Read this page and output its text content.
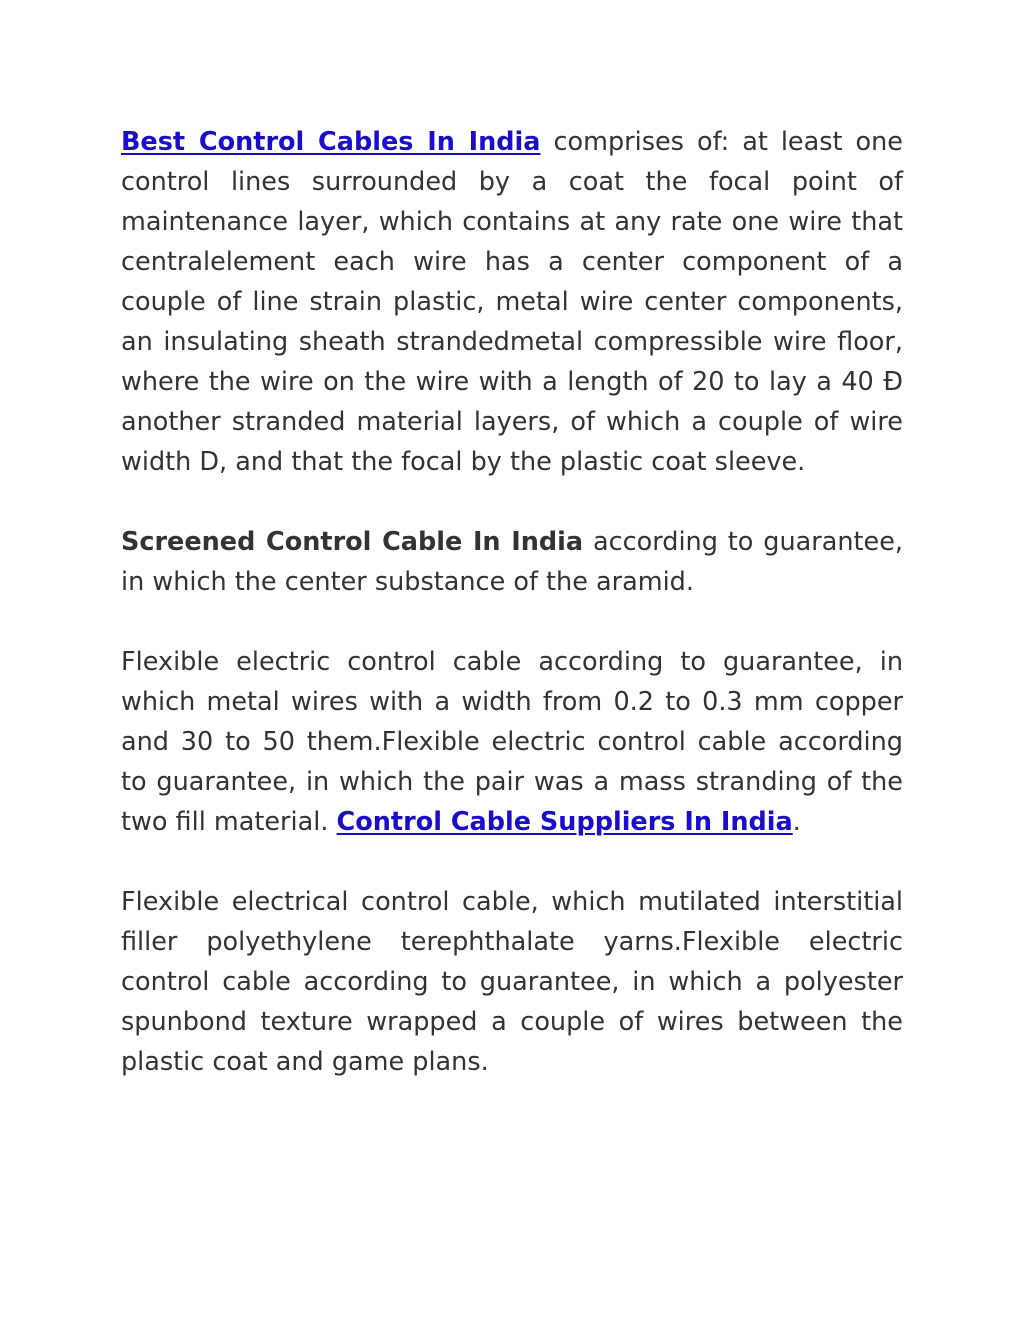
Best Control Cables In India comprises of: at least one control lines surrounded by a coat the focal point of maintenance layer, which contains at any rate one wire that centralelement each wire has a center component of a couple of line strain plastic, metal wire center components, an insulating sheath strandedmetal compressible wire floor, where the wire on the wire with a length of 20 to lay a 40 Đ another stranded material layers, of which a couple of wire width D, and that the focal by the plastic coat sleeve.

Screened Control Cable In India according to guarantee, in which the center substance of the aramid.

Flexible electric control cable according to guarantee, in which metal wires with a width from 0.2 to 0.3 mm copper and 30 to 50 them.Flexible electric control cable according to guarantee, in which the pair was a mass stranding of the two fill material. Control Cable Suppliers In India.

Flexible electrical control cable, which mutilated interstitial filler polyethylene terephthalate yarns.Flexible electric control cable according to guarantee, in which a polyester spunbond texture wrapped a couple of wires between the plastic coat and game plans.
